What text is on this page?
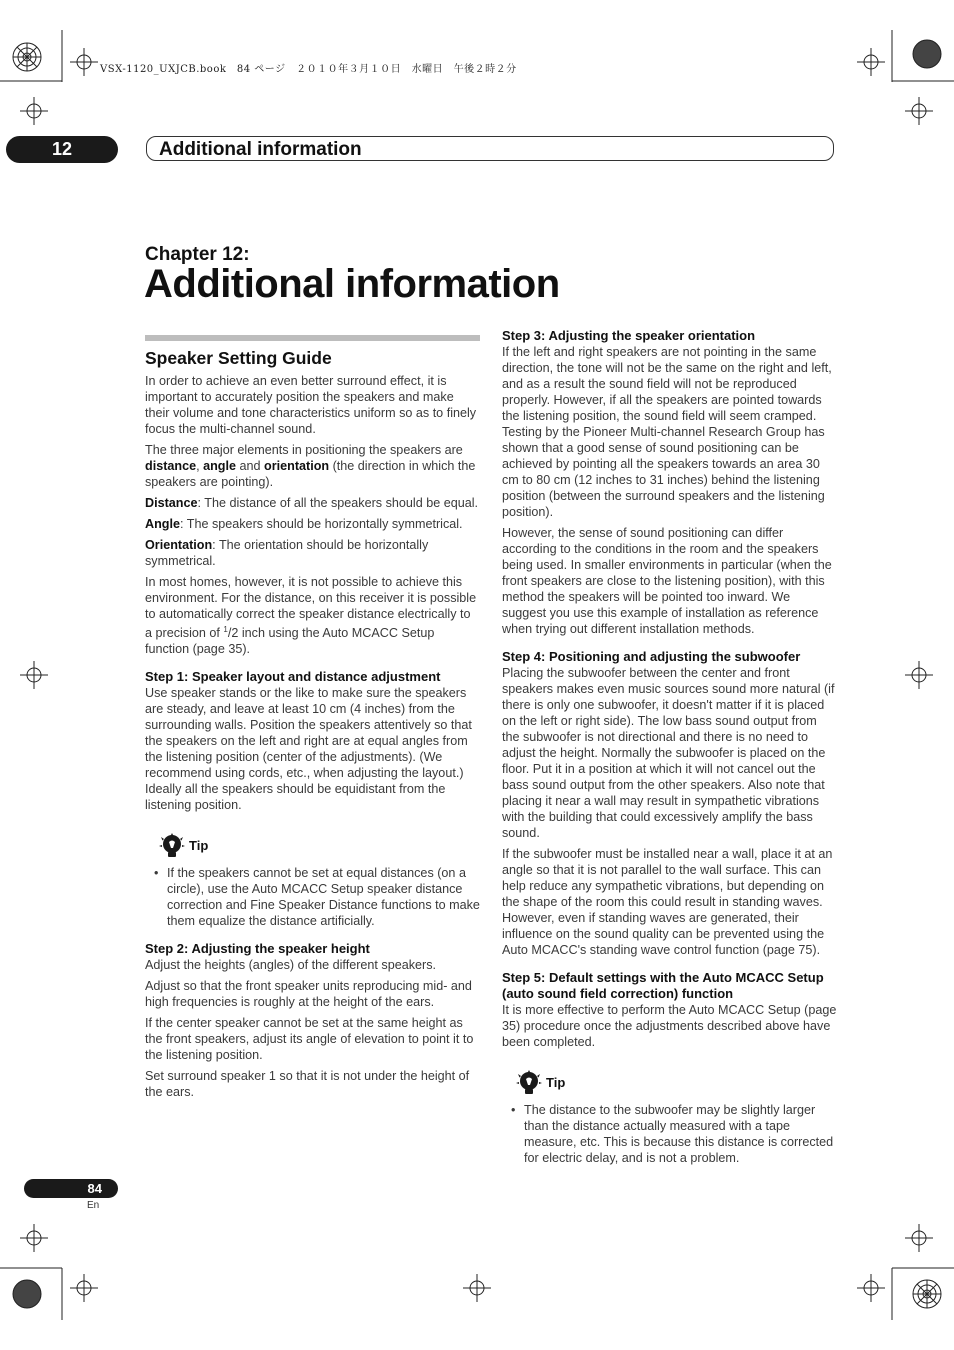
VSX-1120_UXJCB.book　84 ページ　２０１０年３月１０日　水曜日　午後２時２分
12	Additional information
Chapter 12:
Additional information
Speaker Setting Guide

In order to achieve an even better surround effect, it is important to accurately position the speakers and make their volume and tone characteristics uniform so as to finely focus the multi-channel sound.

The three major elements in positioning the speakers are distance, angle and orientation (the direction in which the speakers are pointing).

Distance: The distance of all the speakers should be equal.

Angle: The speakers should be horizontally symmetrical.

Orientation: The orientation should be horizontally symmetrical.

In most homes, however, it is not possible to achieve this environment. For the distance, on this receiver it is possible to automatically correct the speaker distance electrically to a precision of $^1$/2 inch using the Auto MCACC Setup function (page 35).

Step 1: Speaker layout and distance adjustment

Use speaker stands or the like to make sure the speakers are steady, and leave at least 10 cm (4 inches) from the surrounding walls. Position the speakers attentively so that the speakers on the left and right are at equal angles from the listening position (center of the adjustments). (We recommend using cords, etc., when adjusting the layout.) Ideally all the speakers should be equidistant from the listening position.

Tip
• If the speakers cannot be set at equal distances (on a circle), use the Auto MCACC Setup speaker distance correction and Fine Speaker Distance functions to make them equalize the distance artificially.
Step 2: Adjusting the speaker height

Adjust the heights (angles) of the different speakers.

Adjust so that the front speaker units reproducing mid- and high frequencies is roughly at the height of the ears.

If the center speaker cannot be set at the same height as the front speakers, adjust its angle of elevation to point it to the listening position.

Set surround speaker 1 so that it is not under the height of the ears.

Step 3: Adjusting the speaker orientation

If the left and right speakers are not pointing in the same direction, the tone will not be the same on the right and left, and as a result the sound field will not be reproduced properly. However, if all the speakers are pointed towards the listening position, the sound field will seem cramped. Testing by the Pioneer Multi-channel Research Group has shown that a good sense of sound positioning can be achieved by pointing all the speakers towards an area 30 cm to 80 cm (12 inches to 31 inches) behind the listening position (between the surround speakers and the listening position).

However, the sense of sound positioning can differ according to the conditions in the room and the speakers being used. In smaller environments in particular (when the front speakers are close to the listening position), with this method the speakers will be pointed too inward. We suggest you use this example of installation as reference when trying out different installation methods.

Step 4: Positioning and adjusting the subwoofer

Placing the subwoofer between the center and front speakers makes even music sources sound more natural (if there is only one subwoofer, it doesn't matter if it is placed on the left or right side). The low bass sound output from the subwoofer is not directional and there is no need to adjust the height. Normally the subwoofer is placed on the floor. Put it in a position at which it will not cancel out the bass sound output from the other speakers. Also note that placing it near a wall may result in sympathetic vibrations with the building that could excessively amplify the bass sound.

If the subwoofer must be installed near a wall, place it at an angle so that it is not parallel to the wall surface. This can help reduce any sympathetic vibrations, but depending on the shape of the room this could result in standing waves. However, even if standing waves are generated, their influence on the sound quality can be prevented using the Auto MCACC's standing wave control function (page 75).

Step 5: Default settings with the Auto MCACC Setup (auto sound field correction) function

It is more effective to perform the Auto MCACC Setup (page 35) procedure once the adjustments described above have been completed.

Tip
• The distance to the subwoofer may be slightly larger than the distance actually measured with a tape measure, etc. This is because this distance is corrected for electric delay, and is not a problem.
84
En
